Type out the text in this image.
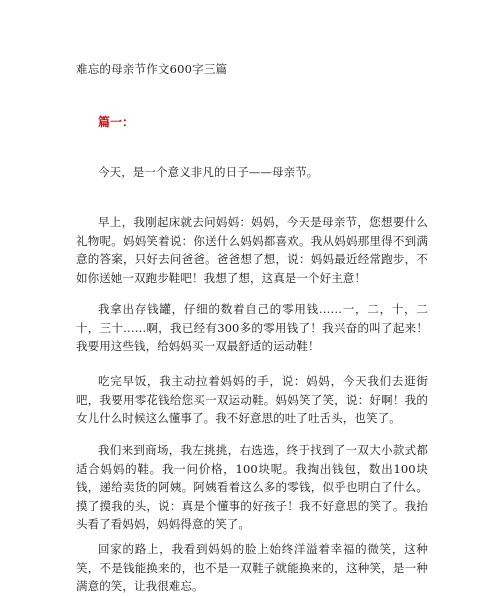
难忘的母亲节作文600字三篇
篇一：

今天，是一个意义非凡的日子——母亲节。

早上，我刚起床就去问妈妈：妈妈，今天是母亲节，您想要什么礼物呢。妈妈笑着说：你送什么妈妈都喜欢。我从妈妈那里得不到满意的答案，只好去问爸爸。爸爸想了想，说：妈妈最近经常跑步，不如你送她一双跑步鞋吧！我想了想，这真是一个好主意！

我拿出存钱罐，仔细的数着自己的零用钱……一，二，十，二十，三十……啊，我已经有300多的零用钱了！我兴奋的叫了起来！我要用这些钱，给妈妈买一双最舒适的运动鞋！

吃完早饭，我主动拉着妈妈的手，说：妈妈，今天我们去逛街吧，我要用零花钱给您买一双运动鞋。妈妈笑了笑，说：好啊！我的女儿什么时候这么懂事了。我不好意思的吐了吐舌头，也笑了。

我们来到商场，我左挑挑，右选选，终于找到了一双大小款式都适合妈妈的鞋。我一问价格，100块呢。我掏出钱包，数出100块钱，递给卖货的阿姨。阿姨看着这么多的零钱，似乎也明白了什么。摸了摸我的头，说：真是个懂事的好孩子！我不好意思的笑了。我抬头看了看妈妈，妈妈得意的笑了。

回家的路上，我看到妈妈的脸上始终洋溢着幸福的微笑，这种笑，不是钱能换来的，也不是一双鞋子就能换来的，这种笑，是一种满意的笑，让我很难忘。
